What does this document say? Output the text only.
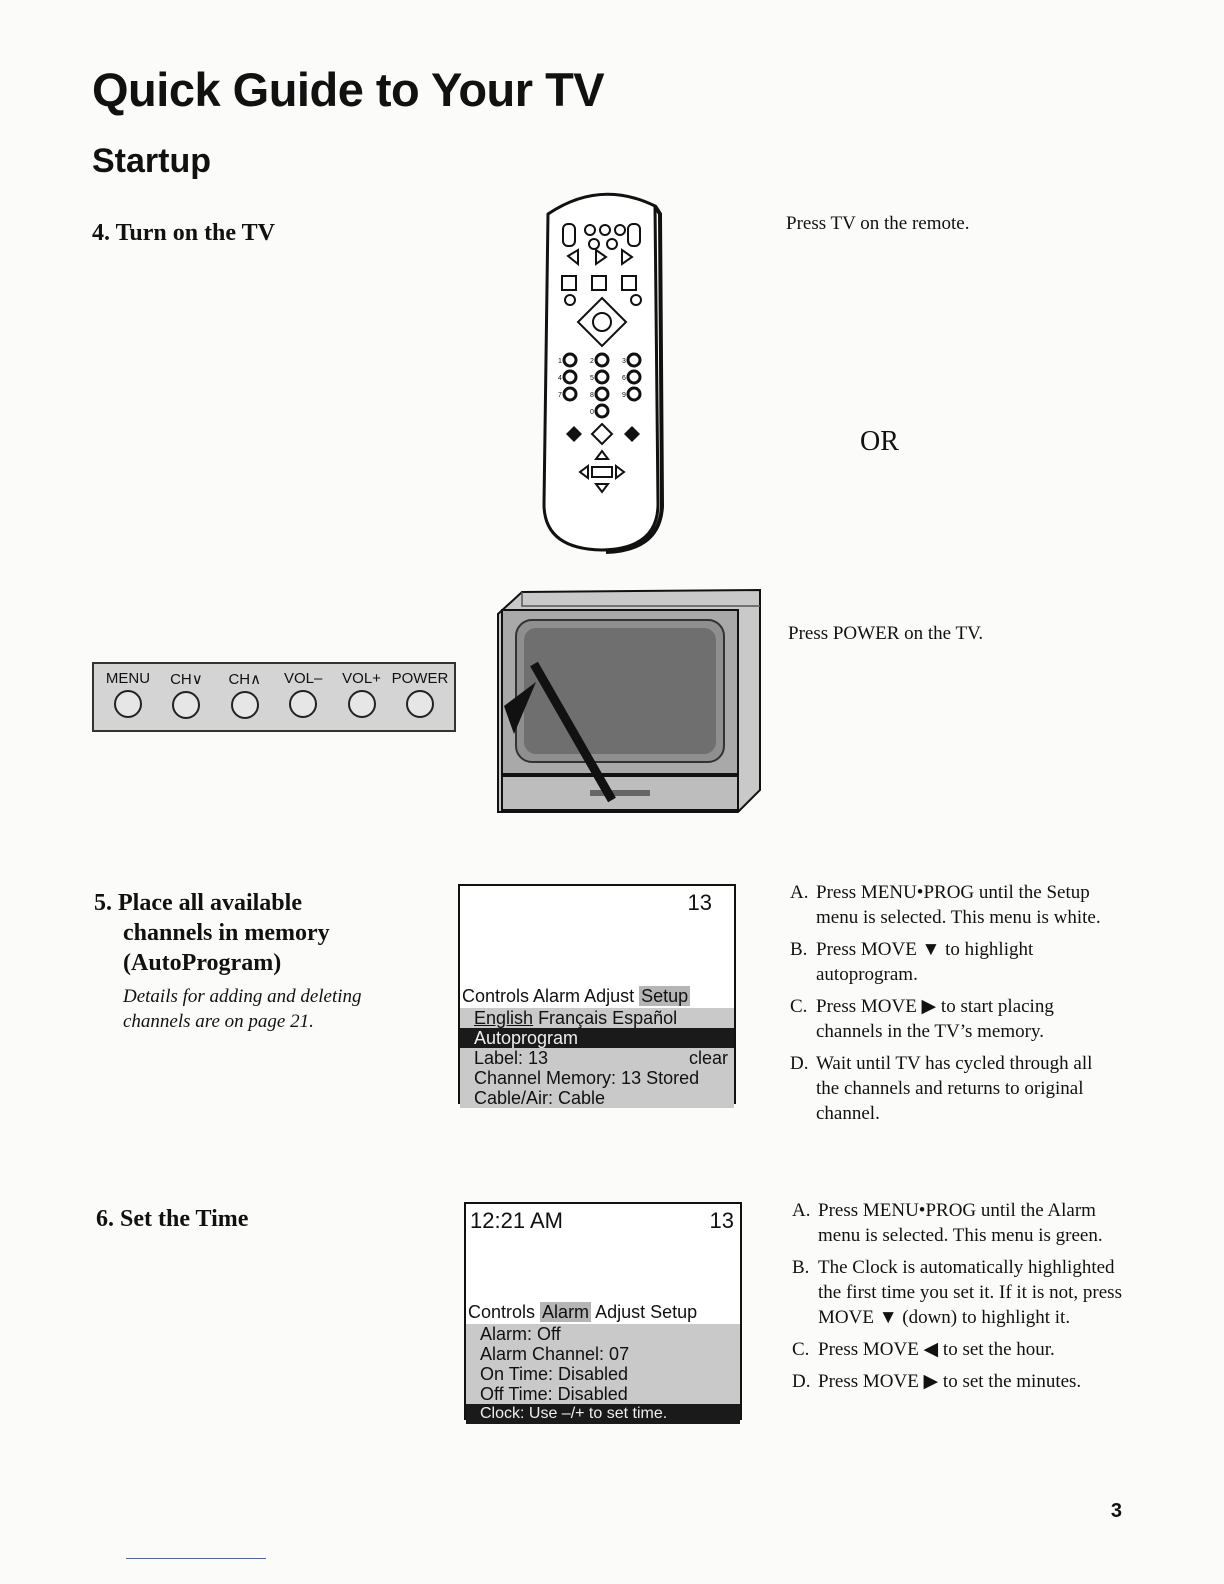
Quick Guide to Your TV
Startup
4. Turn on the TV
1	2	3
4	5	6
7	8	9
0
Press TV on the remote.
OR
MENU CH∨ CH∧ VOL– VOL+ POWER
Press POWER on the TV.
5. Place all available
channels in memory
(AutoProgram)
Details for adding and deleting
channels are on page 21.
13
Controls Alarm Adjust Setup
English Français Español
Autoprogram
Label: 13	clear
Channel Memory: 13 Stored
Cable/Air: Cable
A. Press MENU•PROG until the Setup menu is selected. This menu is white.
B. Press MOVE ▼ to highlight autoprogram.
C. Press MOVE ▶ to start placing channels in the TV’s memory.
D. Wait until TV has cycled through all the channels and returns to original channel.
6. Set the Time	12:21 AM	13
Controls Alarm Adjust Setup
Alarm: Off
Alarm Channel: 07
On Time: Disabled
Off Time: Disabled
Clock: Use –/+ to set time.
A. Press MENU•PROG until the Alarm menu is selected. This menu is green.
B. The Clock is automatically highlighted the first time you set it. If it is not, press MOVE ▼ (down) to highlight it.
C. Press MOVE ◀ to set the hour.
D. Press MOVE ▶ to set the minutes.
3
